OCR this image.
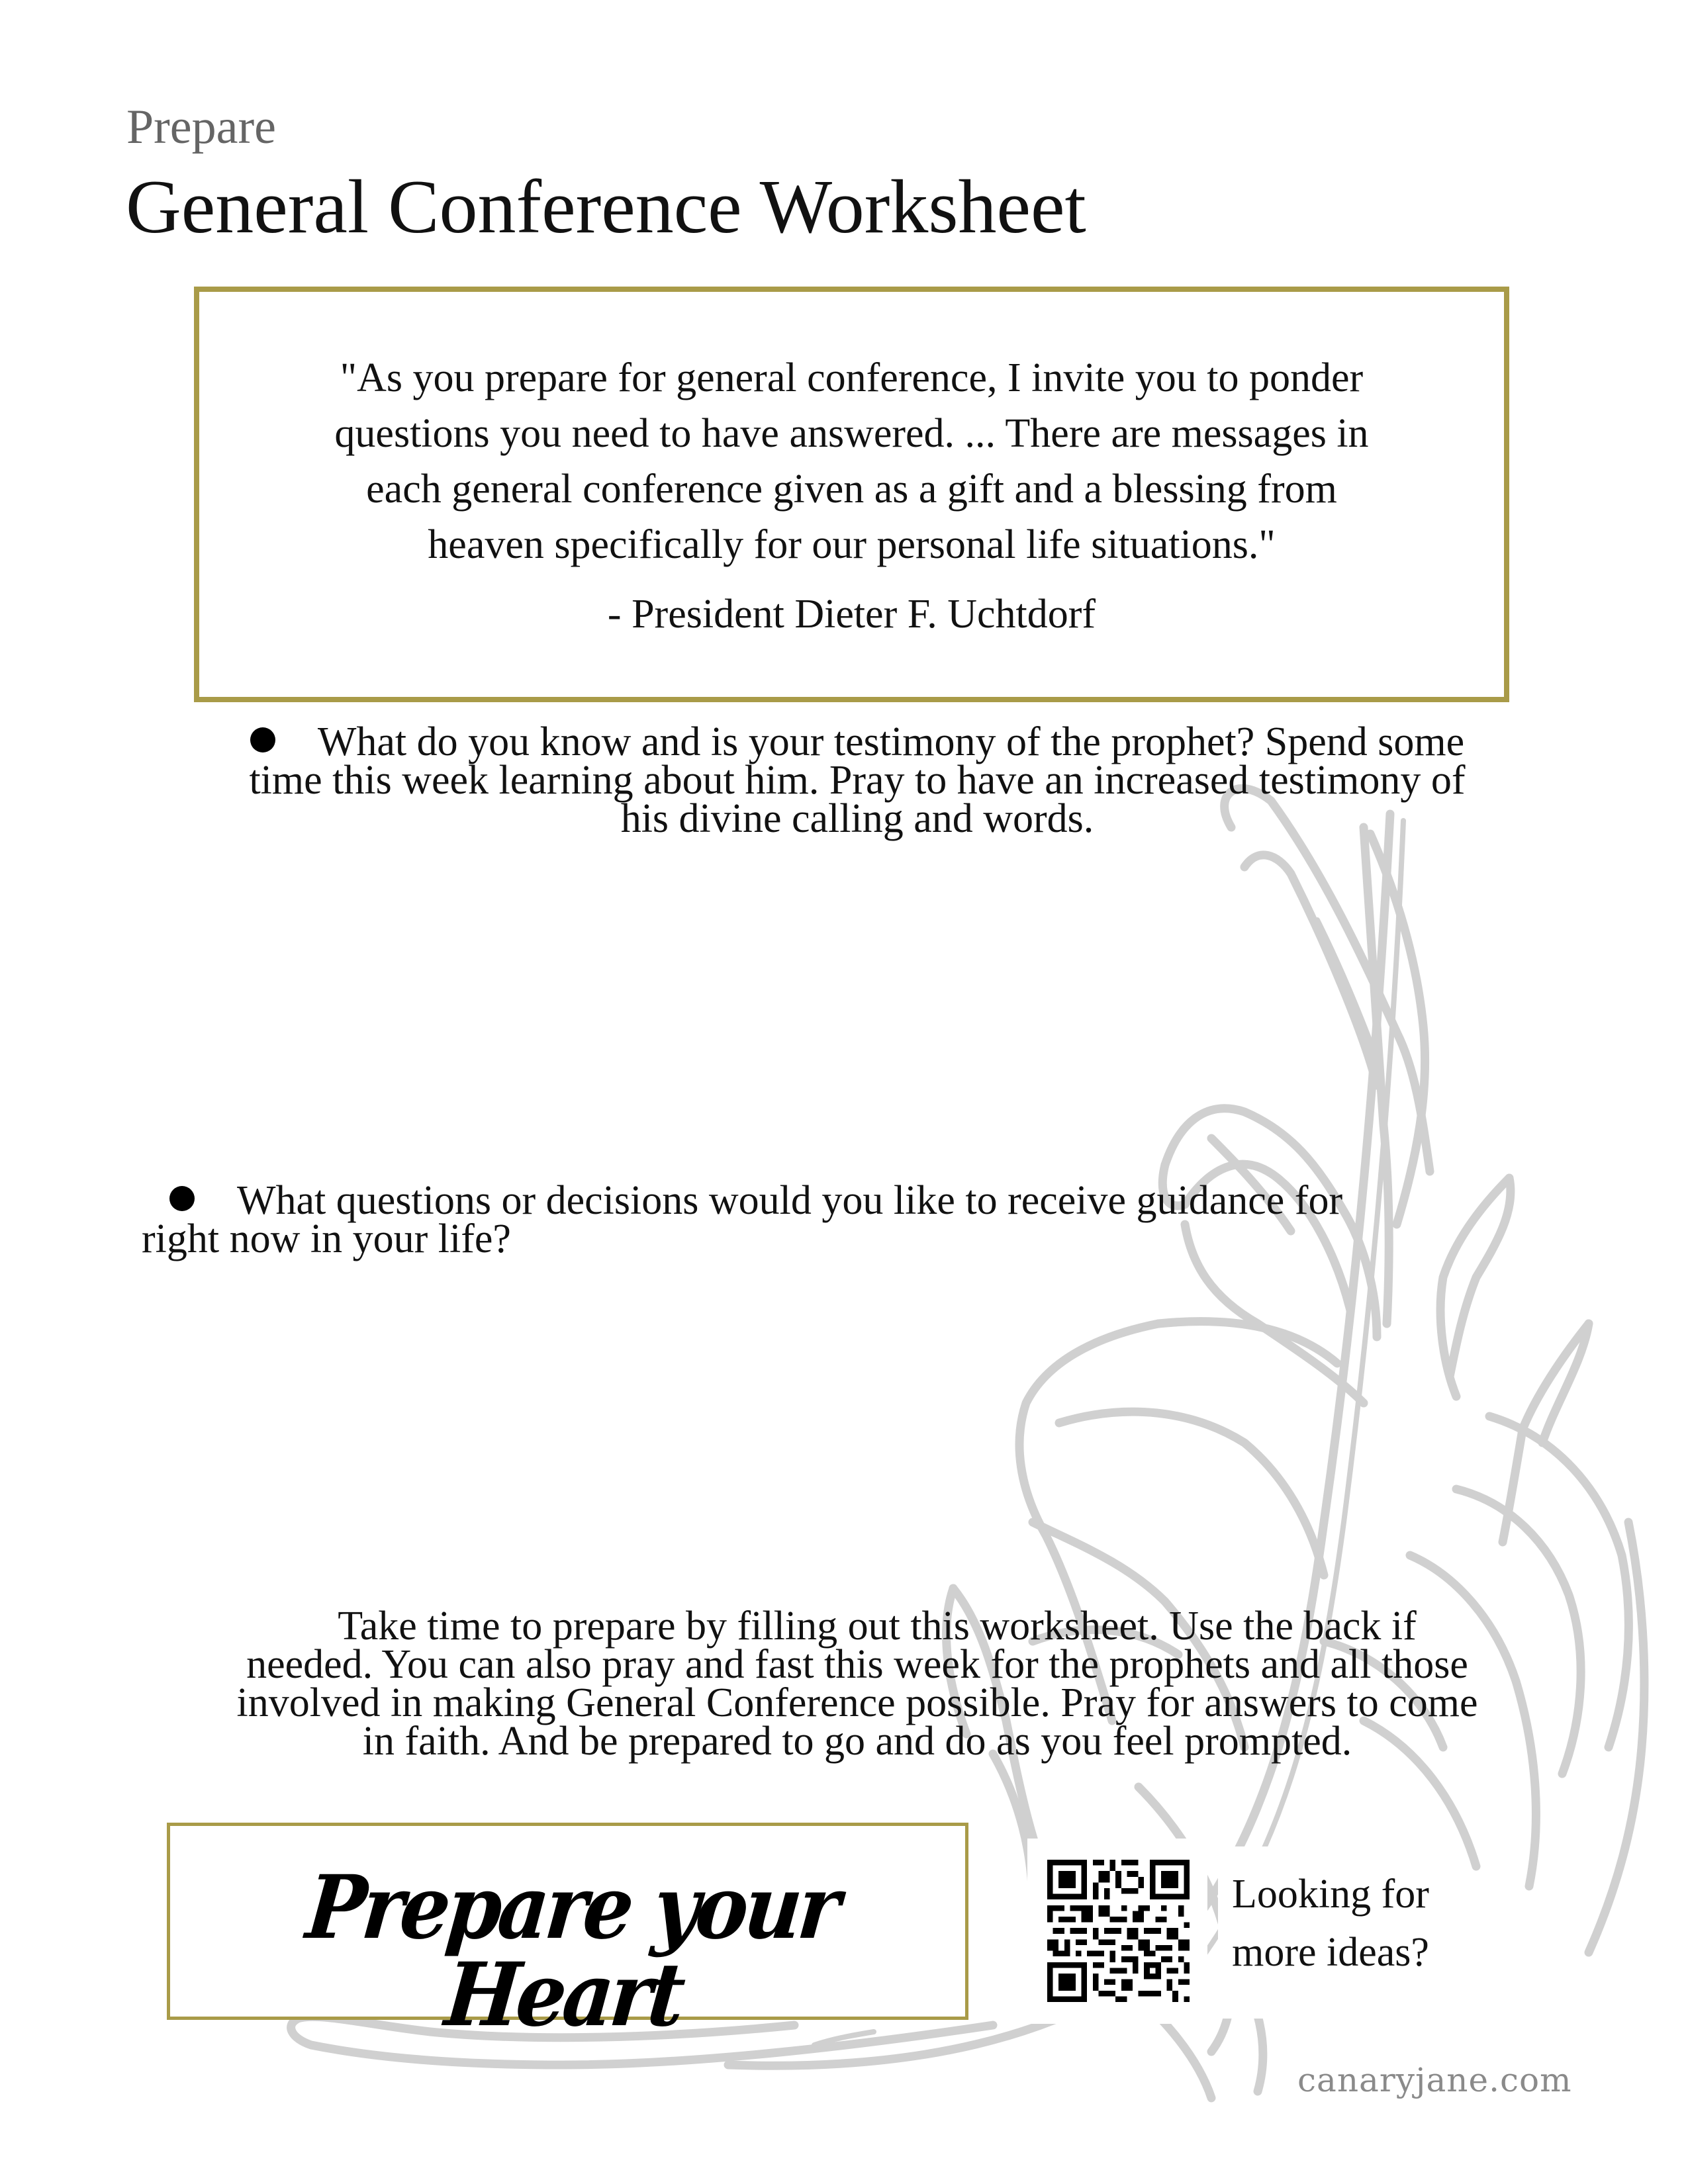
Prepare
General Conference Worksheet
"As you prepare for general conference, I invite you to ponder
questions you need to have answered. ... There are messages in
each general conference given as a gift and a blessing from
heaven specifically for our personal life situations."
- President Dieter F. Uchtdorf
What do you know and is your testimony of the prophet? Spend some
time this week learning about him. Pray to have an increased testimony of
his divine calling and words.
What questions or decisions would you like to receive guidance for
right now in your life?
Take time to prepare by filling out this worksheet. Use the back if
needed. You can also pray and fast this week for the prophets and all those
involved in making General Conference possible. Pray for answers to come
in faith. And be prepared to go and do as you feel prompted.
Prepare your Heart
Looking for
more ideas?
canaryjane.com
